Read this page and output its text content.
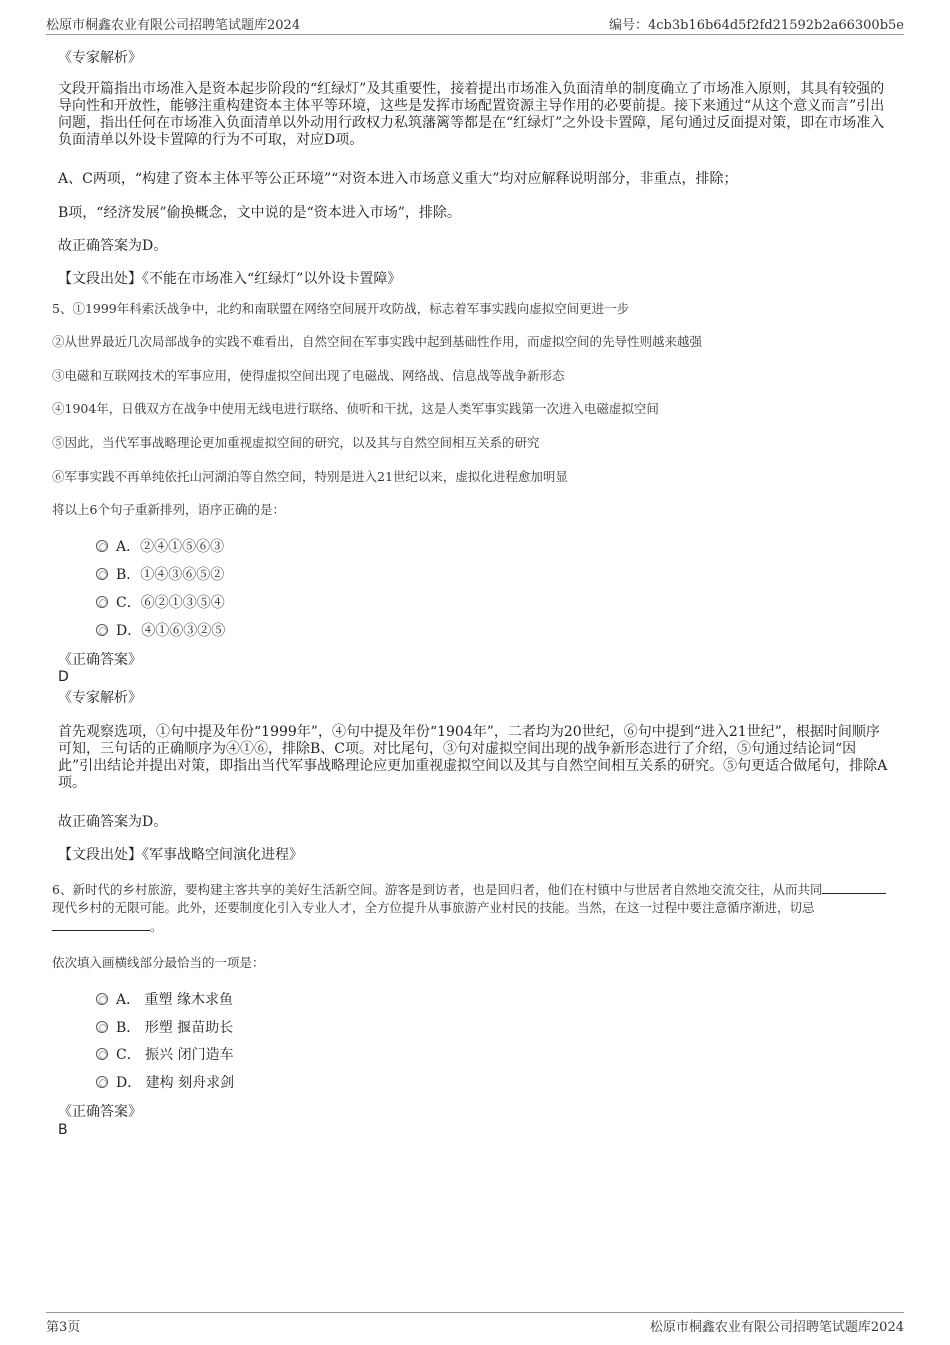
松原市桐鑫农业有限公司招聘笔试题库2024	编号：4cb3b16b64d5f2fd21592b2a66300b5e
《专家解析》
文段开篇指出市场准入是资本起步阶段的“红绿灯”及其重要性，接着提出市场准入负面清单的制度确立了市场准入原则，其具有较强的导向性和开放性，能够注重构建资本主体平等环境，这些是发挥市场配置资源主导作用的必要前提。接下来通过“从这个意义而言”引出问题，指出任何在市场准入负面清单以外动用行政权力私筑藩篱等都是在“红绿灯”之外设卡置障，尾句通过反面提对策，即在市场准入负面清单以外设卡置障的行为不可取，对应D项。
A、C两项，“构建了资本主体平等公正环境”“对资本进入市场意义重大”均对应解释说明部分，非重点，排除；
B项，“经济发展”偷换概念，文中说的是“资本进入市场”，排除。
故正确答案为D。
【文段出处】《不能在市场准入“红绿灯”以外设卡置障》
5、①1999年科索沃战争中，北约和南联盟在网络空间展开攻防战，标志着军事实践向虚拟空间更进一步
②从世界最近几次局部战争的实践不难看出，自然空间在军事实践中起到基础性作用，而虚拟空间的先导性则越来越强
③电磁和互联网技术的军事应用，使得虚拟空间出现了电磁战、网络战、信息战等战争新形态
④1904年，日俄双方在战争中使用无线电进行联络、侦听和干扰，这是人类军事实践第一次进入电磁虚拟空间
⑤因此，当代军事战略理论更加重视虚拟空间的研究，以及其与自然空间相互关系的研究
⑥军事实践不再单纯依托山河湖泊等自然空间，特别是进入21世纪以来，虚拟化进程愈加明显
将以上6个句子重新排列，语序正确的是：
A．②④①⑤⑥③
B．①④③⑥⑤②
C．⑥②①③⑤④
D．④①⑥③②⑤
《正确答案》
D
《专家解析》
首先观察选项，①句中提及年份“1999年”，④句中提及年份“1904年”，二者均为20世纪，⑥句中提到“进入21世纪”，根据时间顺序可知，三句话的正确顺序为④①⑥，排除B、C项。对比尾句，③句对虚拟空间出现的战争新形态进行了介绍，⑤句通过结论词“因此”引出结论并提出对策，即指出当代军事战略理论应更加重视虚拟空间以及其与自然空间相互关系的研究。⑤句更适合做尾句，排除A项。
故正确答案为D。
【文段出处】《军事战略空间演化进程》
6、新时代的乡村旅游，要构建主客共享的美好生活新空间。游客是到访者，也是回归者，他们在村镇中与世居者自然地交流交往，从而共同现代乡村的无限可能。此外，还要制度化引入专业人才，全方位提升从事旅游产业村民的技能。当然，在这一过程中要注意循序渐进，切忌。
依次填入画横线部分最恰当的一项是：
A． 重塑 缘木求鱼
B． 形塑 揠苗助长
C． 振兴 闭门造车
D． 建构 刻舟求剑
《正确答案》
B
第3页	松原市桐鑫农业有限公司招聘笔试题库2024
